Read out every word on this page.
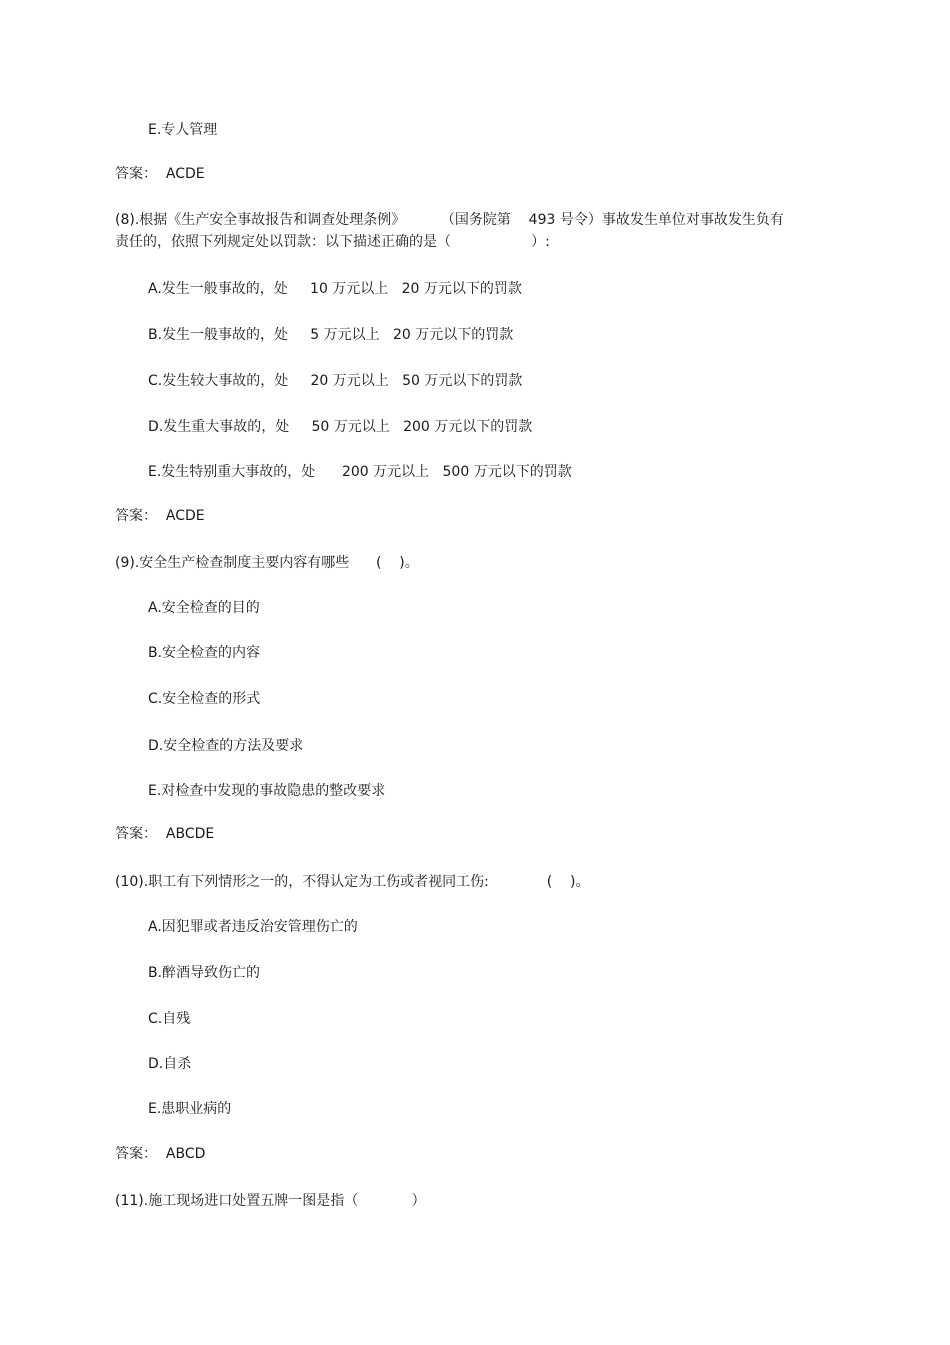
E.专人管理
答案：  ACDE
(8).根据《生产安全事故报告和调查处理条例》        （国务院第    493 号令）事故发生单位对事故发生负有
责任的，依照下列规定处以罚款：以下描述正确的是（                  ）:
A.发生一般事故的，处     10 万元以上   20 万元以下的罚款
B.发生一般事故的，处     5 万元以上   20 万元以下的罚款
C.发生较大事故的，处     20 万元以上   50 万元以下的罚款
D.发生重大事故的，处     50 万元以上   200 万元以下的罚款
E.发生特别重大事故的，处      200 万元以上   500 万元以下的罚款
答案：  ACDE
(9).安全生产检查制度主要内容有哪些      (    )。
A.安全检查的目的
B.安全检查的内容
C.安全检查的形式
D.安全检查的方法及要求
E.对检查中发现的事故隐患的整改要求
答案：  ABCDE
(10).职工有下列情形之一的，不得认定为工伤或者视同工伤:             (    )。
A.因犯罪或者违反治安管理伤亡的
B.醉酒导致伤亡的
C.自残
D.自杀
E.患职业病的
答案：  ABCD
(11).施工现场进口处置五牌一图是指（            ）
